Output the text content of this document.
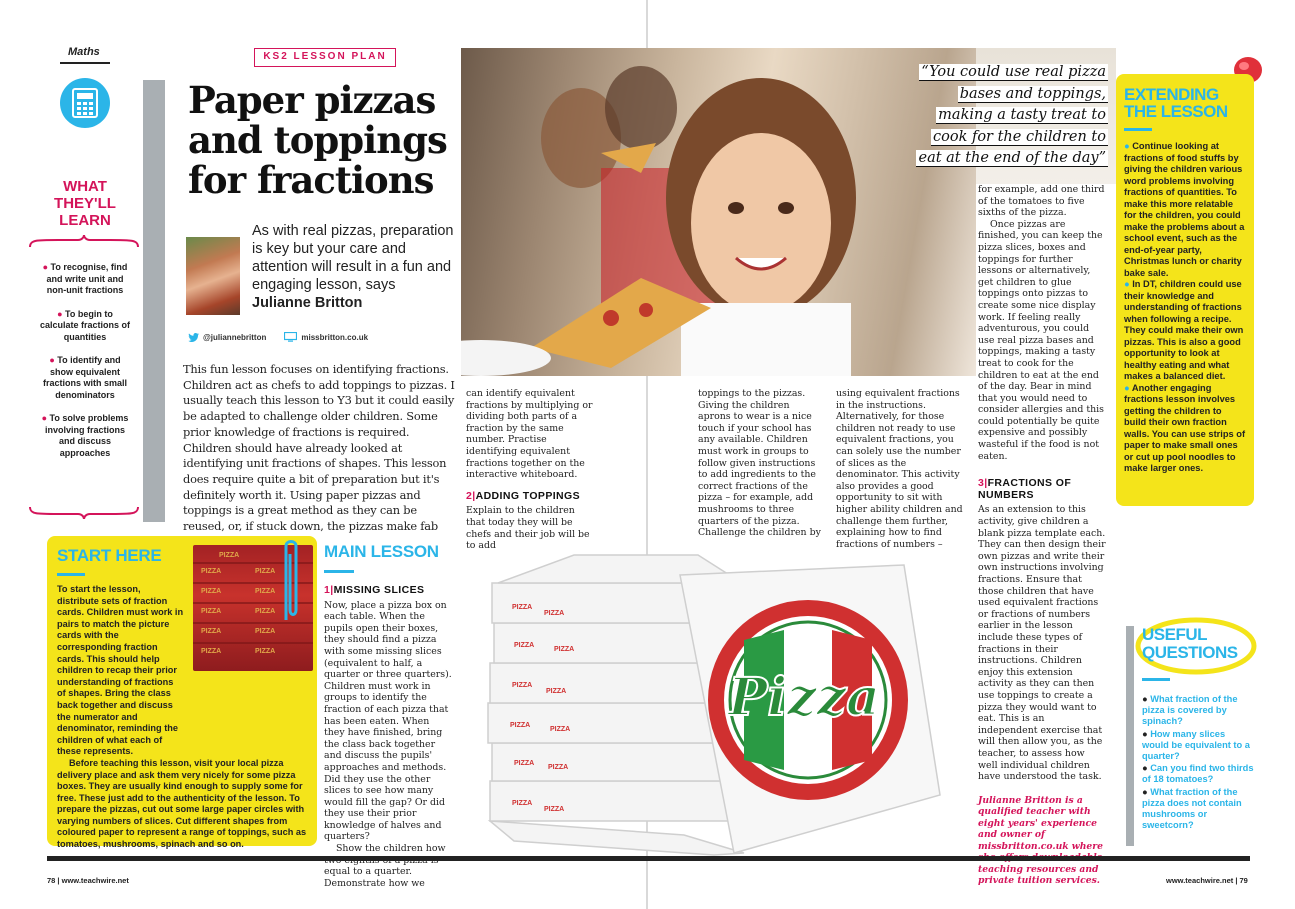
Maths	KS2 LESSON PLAN
Paper pizzas and toppings for fractions

As with real pizzas, preparation is key but your care and attention will result in a fun and engaging lesson, says Julianne Britton

@juliannebritton	missbritton.co.uk
WHAT THEY'LL LEARN
● To recognise, find and write unit and non-unit fractions
● To begin to calculate fractions of quantities
● To identify and show equivalent fractions with small denominators
● To solve problems involving fractions and discuss approaches

This fun lesson focuses on identifying fractions. Children act as chefs to add toppings to pizzas. I usually teach this lesson to Y3 but it could easily be adapted to challenge older children. Some prior knowledge of fractions is required. Children should have already looked at identifying unit fractions of shapes. This lesson does require quite a bit of preparation but it's definitely worth it. Using paper pizzas and toppings is a great method as they can be reused, or, if stuck down, the pizzas make fab

“You could use real pizza
bases and toppings,
making a tasty treat to
cook for the children to
eat at the end of the day”

can identify equivalent fractions by multiplying or dividing both parts of a fraction by the same number. Practise identifying equivalent fractions together on the interactive whiteboard.

2|ADDING TOPPINGS

Explain to the children that today they will be chefs and their job will be to add

toppings to the pizzas. Giving the children aprons to wear is a nice touch if your school has any available. Children must work in groups to follow given instructions to add ingredients to the correct fractions of the pizza – for example, add mushrooms to three quarters of the pizza. Challenge the children by

using equivalent fractions in the instructions. Alternatively, for those children not ready to use equivalent fractions, you can solely use the number of slices as the denominator. This activity also provides a good opportunity to sit with higher ability children and challenge them further, explaining how to find fractions of numbers –

for example, add one third of the tomatoes to five sixths of the pizza.

Once pizzas are finished, you can keep the pizza slices, boxes and toppings for further lessons or alternatively, get children to glue toppings onto pizzas to create some nice display work. If feeling really adventurous, you could use real pizza bases and toppings, making a tasty treat to cook for the children to eat at the end of the day. Bear in mind that you would need to consider allergies and this could potentially be quite expensive and possibly wasteful if the food is not eaten.

3|FRACTIONS OF NUMBERS

As an extension to this activity, give children a blank pizza template each. They can then design their own pizzas and write their own instructions involving fractions. Ensure that those children that have used equivalent fractions or fractions of numbers earlier in the lesson include these types of fractions in their instructions. Children enjoy this extension activity as they can then use toppings to create a pizza they would want to eat. This is an independent exercise that will then allow you, as the teacher, to assess how well individual children have understood the task.

Julianne Britton is a qualified teacher with eight years' experience and owner of missbritton.co.uk where teaching resources and private tuition services.

EXTENDING THE LESSON

● Continue looking at fractions of food stuffs by giving the children various word problems involving fractions of quantities. To make this more relatable for the children, you could make the problems about a school event, such as the end-of-year party, Christmas lunch or charity bake sale.

● In DT, children could use their knowledge and understanding of fractions when following a recipe. They could make their own pizzas. This is also a good opportunity to look at healthy eating and what makes a balanced diet.

● Another engaging fractions lesson involves getting the children to build their own fraction walls. You can use strips of paper to make small ones or cut up pool noodles to make larger ones.

PIZZA
PIZZA	PIZZA
PIZZA	PIZZA
PIZZA	PIZZA
PIZZA	PIZZA
PIZZA	PIZZA
START HERE

To start the lesson, distribute sets of fraction cards. Children must work in pairs to match the picture cards with the corresponding fraction cards. This should help children to recap their prior understanding of fractions of shapes. Bring the class back together and discuss the numerator and denominator, reminding the children of what each of these represents.

Before teaching this lesson, visit your local pizza delivery place and ask them very nicely for some pizza boxes. They are usually kind enough to supply some for free. These just add to the authenticity of the lesson. To prepare the pizzas, cut out some large paper circles with varying numbers of slices. Cut different shapes from coloured paper to represent a range of toppings, such as tomatoes, mushrooms, spinach and so on.

MAIN LESSON
1|MISSING SLICES

Now, place a pizza box on each table. When the pupils open their boxes, they should find a pizza with some missing slices (equivalent to half, a quarter or three quarters). Children must work in groups to identify the fraction of each pizza that has been eaten. When they have finished, bring the class back together and discuss the pupils' approaches and methods. Did they use the other slices to see how many would fill the gap? Or did they use their prior knowledge of halves and quarters?

Show the children how equal to a quarter. Demonstrate how we

PIZZA
PIZZA
PIZZA
PIZZA
PIZZA
PIZZA
PIZZA
PIZZA
PIZZA
PIZZA
PIZZA
PIZZA
Pizza
USEFUL QUESTIONS
● What fraction of the pizza is covered by spinach?
● How many slices would be equivalent to a quarter?
● Can you find two thirds of 18 tomatoes?
● What fraction of the pizza does not contain mushrooms or sweetcorn?
78 | www.teachwire.net	www.teachwire.net | 79
